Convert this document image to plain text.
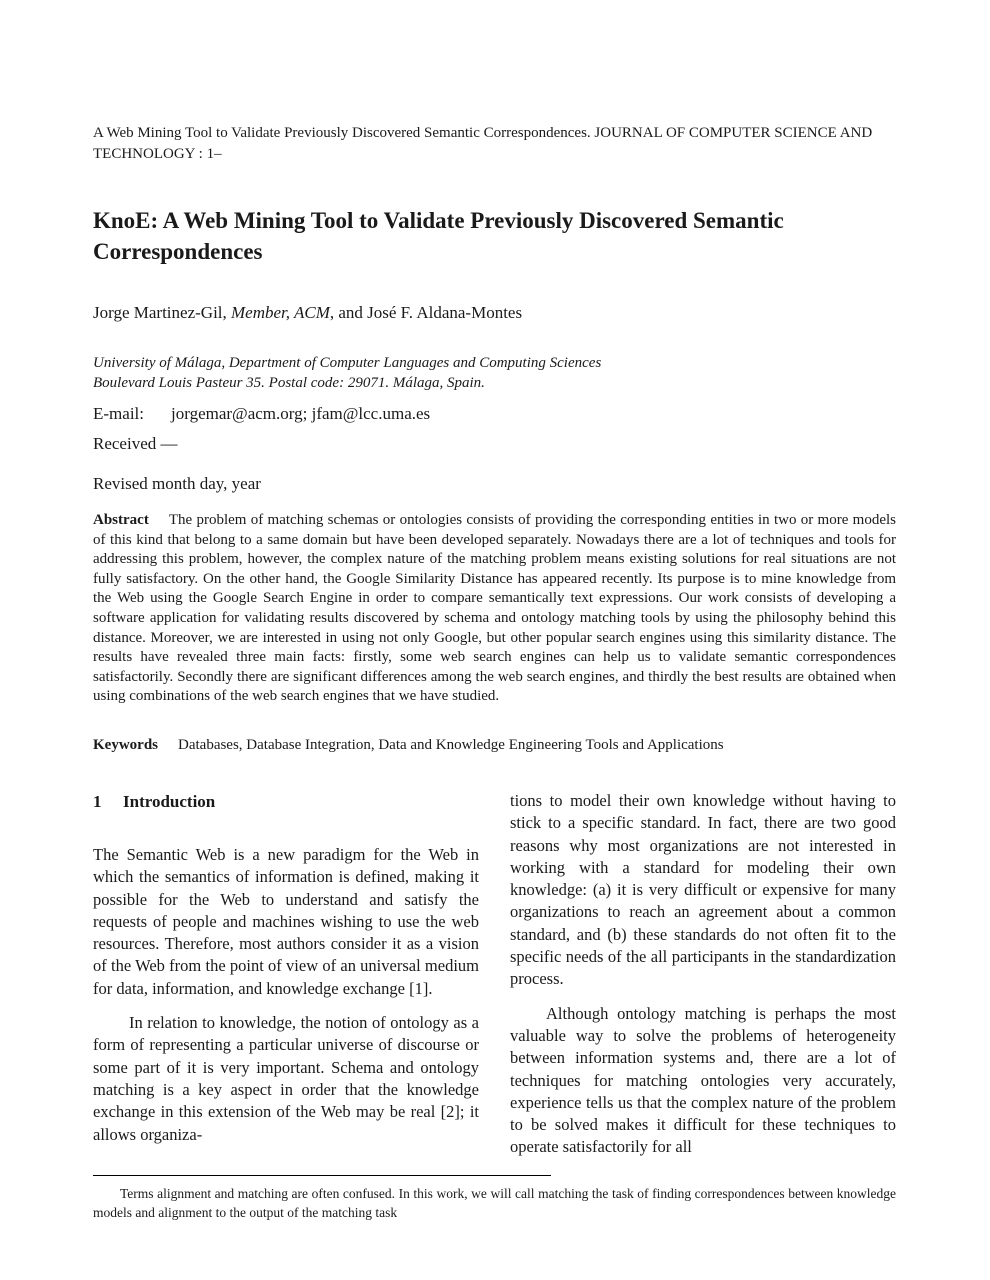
A Web Mining Tool to Validate Previously Discovered Semantic Correspondences. JOURNAL OF COMPUTER SCIENCE AND TECHNOLOGY : 1–
KnoE: A Web Mining Tool to Validate Previously Discovered Semantic Correspondences
Jorge Martinez-Gil, Member, ACM, and José F. Aldana-Montes
University of Málaga, Department of Computer Languages and Computing Sciences
Boulevard Louis Pasteur 35. Postal code: 29071. Málaga, Spain.
E-mail: jorgemar@acm.org; jfam@lcc.uma.es
Received —
Revised month day, year

Abstract The problem of matching schemas or ontologies consists of providing the corresponding entities in two or more models of this kind that belong to a same domain but have been developed separately. Nowadays there are a lot of techniques and tools for addressing this problem, however, the complex nature of the matching problem means existing solutions for real situations are not fully satisfactory. On the other hand, the Google Similarity Distance has appeared recently. Its purpose is to mine knowledge from the Web using the Google Search Engine in order to compare semantically text expressions. Our work consists of developing a software application for validating results discovered by schema and ontology matching tools by using the philosophy behind this distance. Moreover, we are interested in using not only Google, but other popular search engines using this similarity distance. The results have revealed three main facts: firstly, some web search engines can help us to validate semantic correspondences satisfactorily. Secondly there are significant differences among the web search engines, and thirdly the best results are obtained when using combinations of the web search engines that we have studied.

Keywords Databases, Database Integration, Data and Knowledge Engineering Tools and Applications

1 Introduction

The Semantic Web is a new paradigm for the Web in which the semantics of information is defined, making it possible for the Web to understand and satisfy the requests of people and machines wishing to use the web resources. Therefore, most authors consider it as a vision of the Web from the point of view of an universal medium for data, information, and knowledge exchange [1].

In relation to knowledge, the notion of ontology as a form of representing a particular universe of discourse or some part of it is very important. Schema and ontology matching is a key aspect in order that the knowledge exchange in this extension of the Web may be real [2]; it allows organiza-

tions to model their own knowledge without having to stick to a specific standard. In fact, there are two good reasons why most organizations are not interested in working with a standard for modeling their own knowledge: (a) it is very difficult or expensive for many organizations to reach an agreement about a common standard, and (b) these standards do not often fit to the specific needs of the all participants in the standardization process.

Although ontology matching is perhaps the most valuable way to solve the problems of heterogeneity between information systems and, there are a lot of techniques for matching ontologies very accurately, experience tells us that the complex nature of the problem to be solved makes it difficult for these techniques to operate satisfactorily for all

Terms alignment and matching are often confused. In this work, we will call matching the task of finding correspondences between knowledge models and alignment to the output of the matching task
